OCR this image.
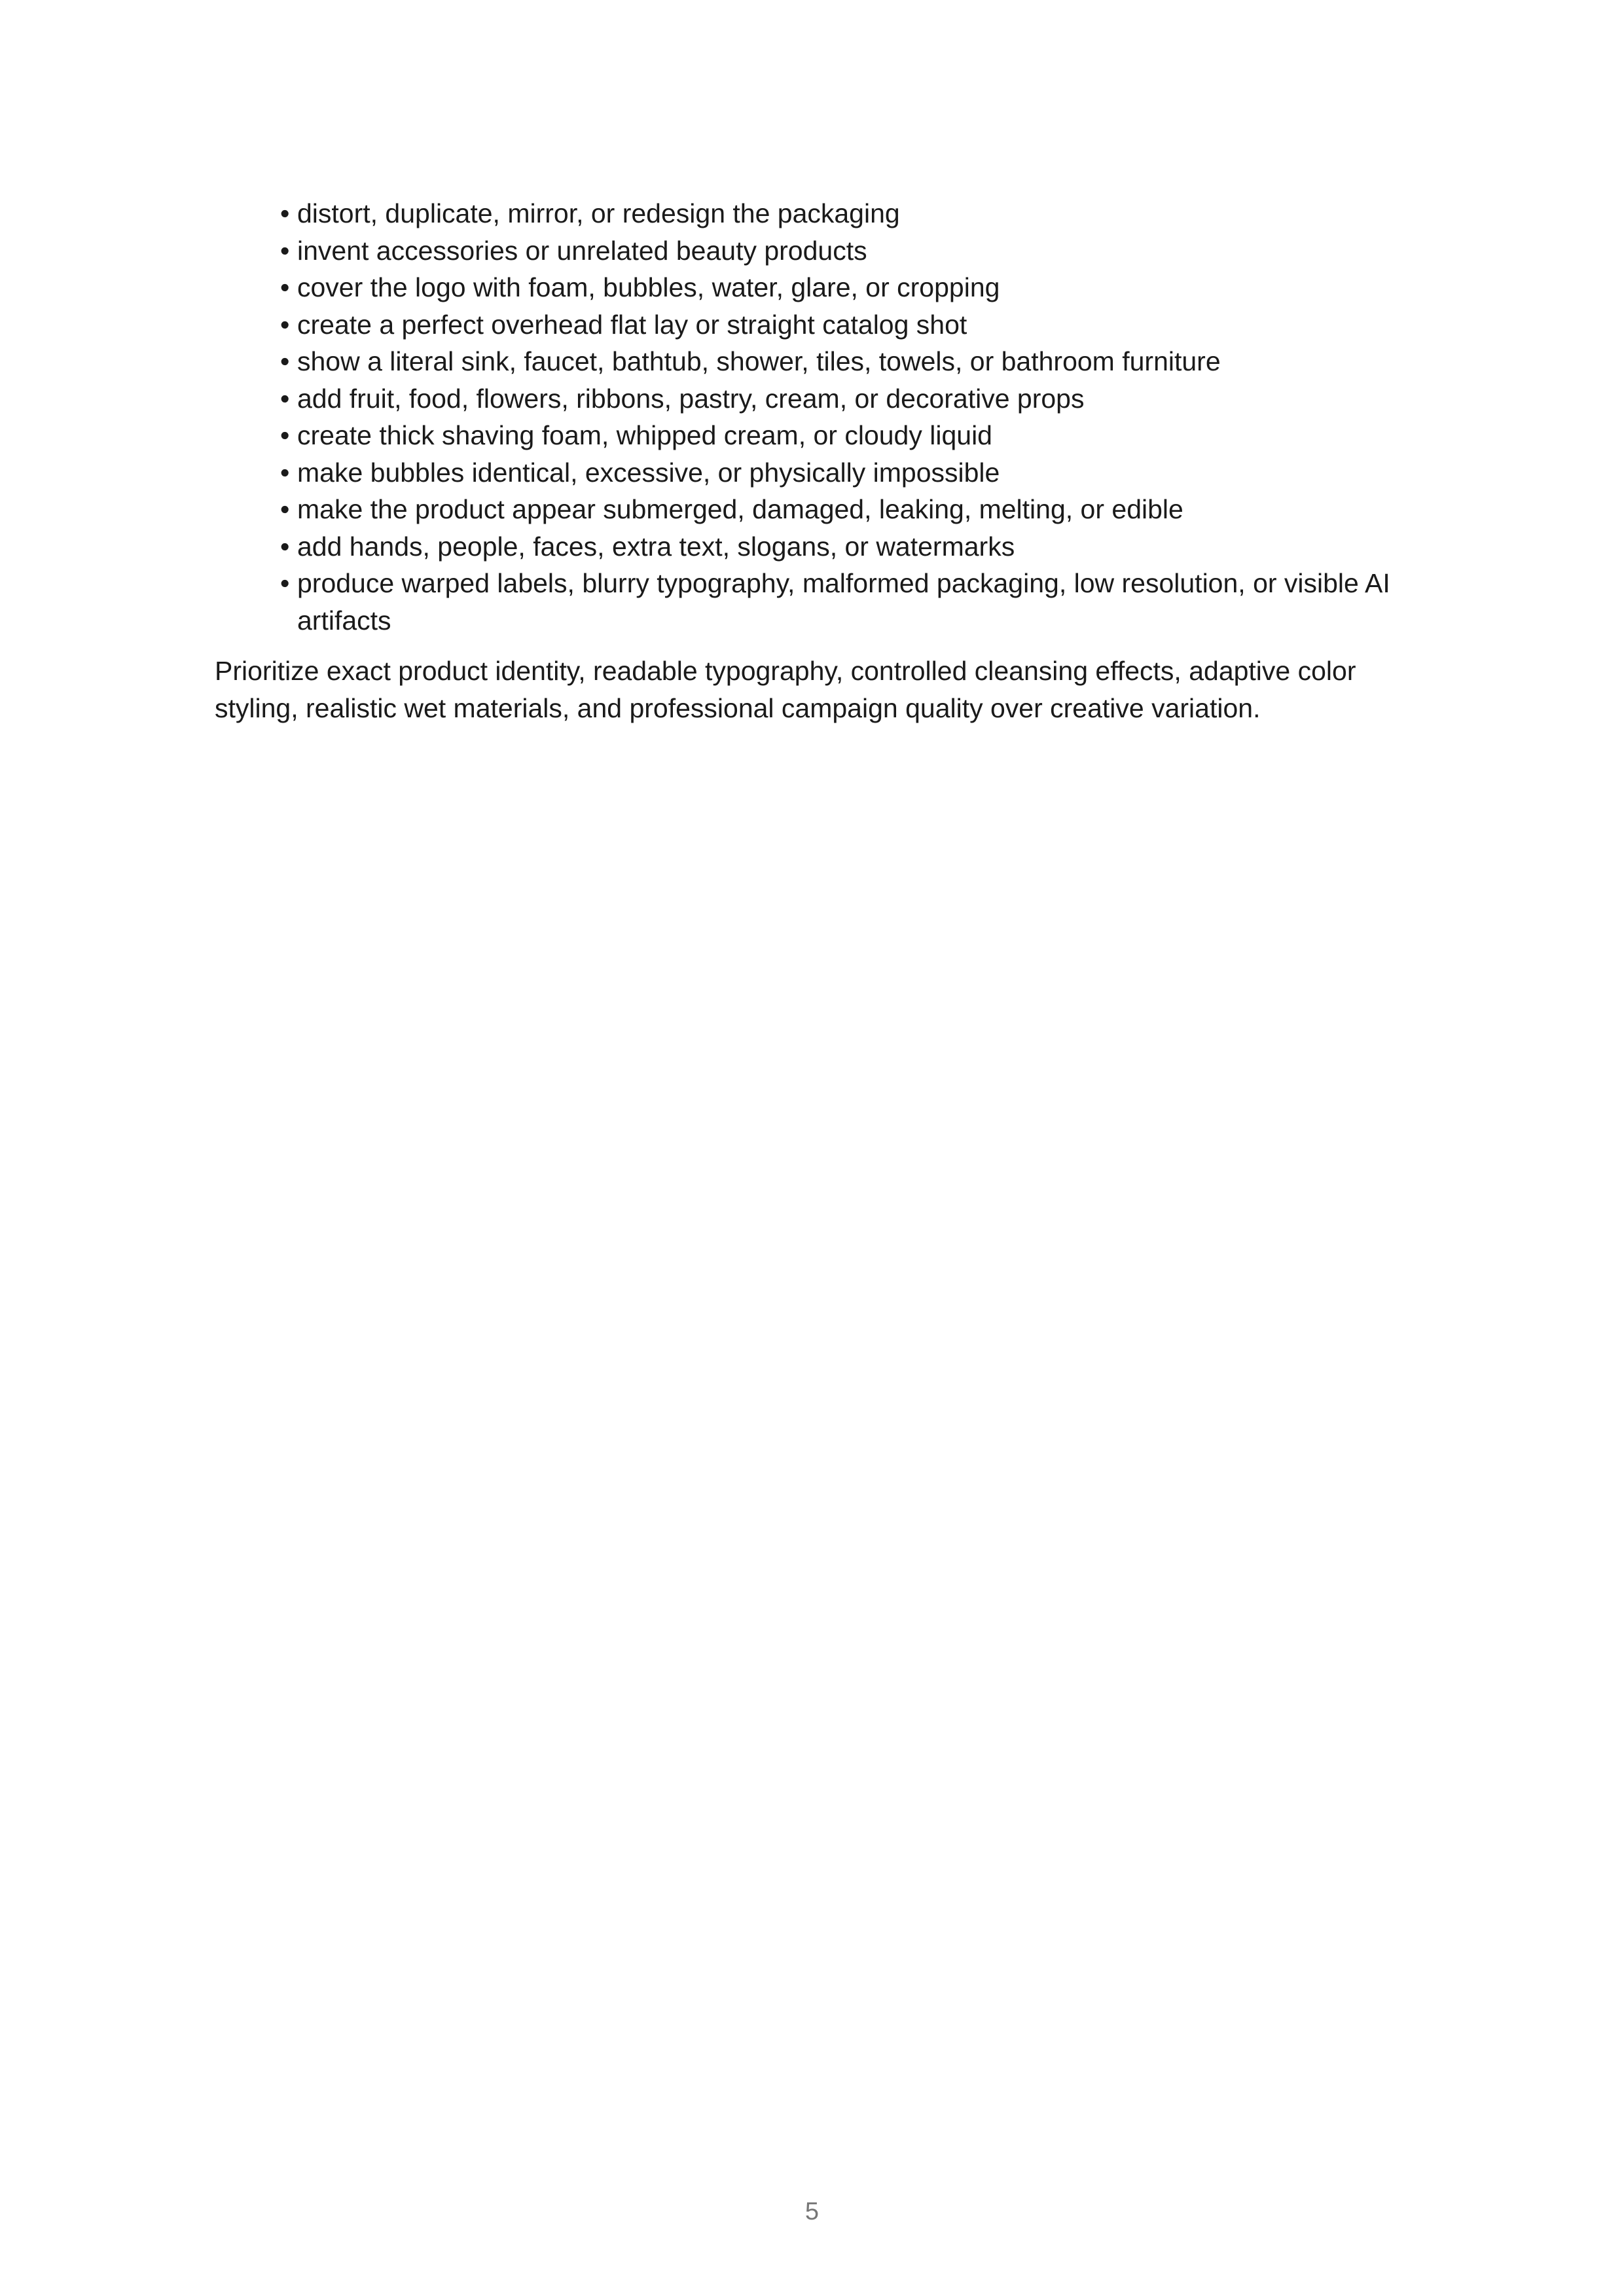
• distort, duplicate, mirror, or redesign the packaging
• invent accessories or unrelated beauty products
• cover the logo with foam, bubbles, water, glare, or cropping
• create a perfect overhead flat lay or straight catalog shot
• show a literal sink, faucet, bathtub, shower, tiles, towels, or bathroom furniture
• add fruit, food, flowers, ribbons, pastry, cream, or decorative props
• create thick shaving foam, whipped cream, or cloudy liquid
• make bubbles identical, excessive, or physically impossible
• make the product appear submerged, damaged, leaking, melting, or edible
• add hands, people, faces, extra text, slogans, or watermarks
• produce warped labels, blurry typography, malformed packaging, low resolution, or visible AI artifacts

Prioritize exact product identity, readable typography, controlled cleansing effects, adaptive color styling, realistic wet materials, and professional campaign quality over creative variation.

5
